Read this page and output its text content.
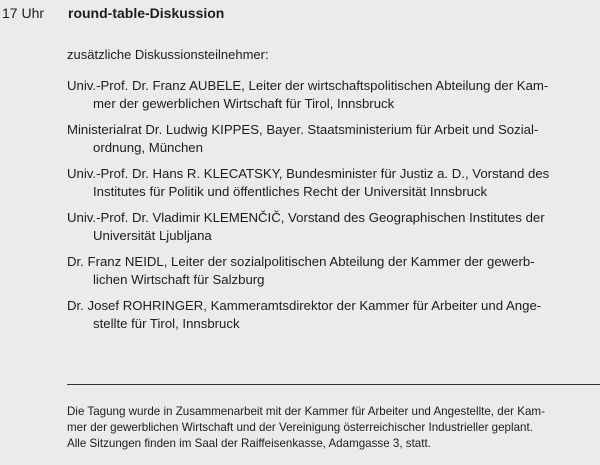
17 Uhr round-table-Diskussion
zusätzliche Diskussionsteilnehmer:
Univ.-Prof. Dr. Franz AUBELE, Leiter der wirtschaftspolitischen Abteilung der Kam-
mer der gewerblichen Wirtschaft für Tirol, Innsbruck
Ministerialrat Dr. Ludwig KIPPES, Bayer. Staatsministerium für Arbeit und Sozial-
ordnung, München
Univ.-Prof. Dr. Hans R. KLECATSKY, Bundesminister für Justiz a. D., Vorstand des
Institutes für Politik und öffentliches Recht der Universität Innsbruck
Univ.-Prof. Dr. Vladimir KLEMENČIČ, Vorstand des Geographischen Institutes der
Universität Ljubljana
Dr. Franz NEIDL, Leiter der sozialpolitischen Abteilung der Kammer der gewerb-
lichen Wirtschaft für Salzburg
Dr. Josef ROHRINGER, Kammeramtsdirektor der Kammer für Arbeiter und Ange-
stellte für Tirol, Innsbruck
Die Tagung wurde in Zusammenarbeit mit der Kammer für Arbeiter und Angestellte, der Kam-
mer der gewerblichen Wirtschaft und der Vereinigung österreichischer Industrieller geplant.
Alle Sitzungen finden im Saal der Raiffeisenkasse, Adamgasse 3, statt.
